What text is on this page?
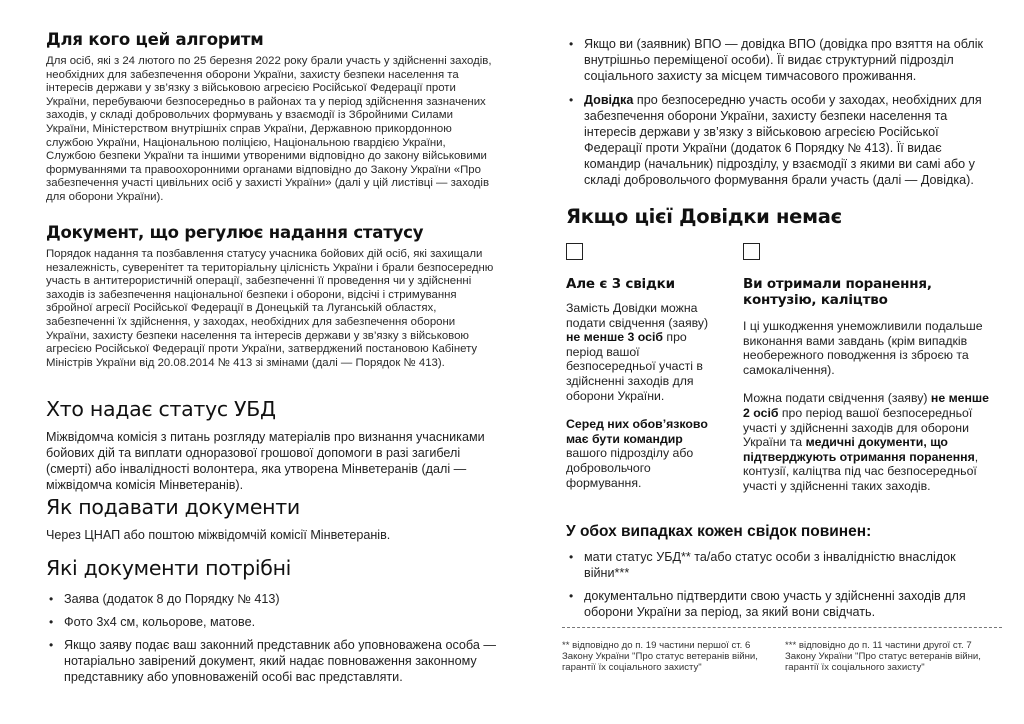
Для кого цей алгоритм

Для осіб, які з 24 лютого по 25 березня 2022 року брали участь у здійсненні заходів, необхідних для забезпечення оборони України, захисту безпеки населення та інтересів держави у зв’язку з військовою агресією Російської Федерації проти України, перебуваючи безпосередньо в районах та у період здійснення зазначених заходів, у складі добровольчих формувань у взаємодії із Збройними Силами України, Міністерством внутрішніх справ України, Державною прикордонною службою України, Національною поліцією, Національною гвардією України, Службою безпеки України та іншими утвореними відповідно до закону військовими формуваннями та правоохоронними органами відповідно до Закону України «Про забезпечення участі цивільних осіб у захисті України» (далі у цій листівці — заходів для оборони України).

Документ, що регулює надання статусу

Порядок надання та позбавлення статусу учасника бойових дій осіб, які захищали незалежність, суверенітет та територіальну цілісність України і брали безпосередню участь в антитерористичній операції, забезпеченні її проведення чи у здійсненні заходів із забезпечення національної безпеки і оборони, відсічі і стримування збройної агресії Російської Федерації в Донецькій та Луганській областях, забезпеченні їх здійснення, у заходах, необхідних для забезпечення оборони України, захисту безпеки населення та інтересів держави у зв’язку з військовою агресією Російської Федерації проти України, затверджений постановою Кабінету Міністрів України від 20.08.2014 № 413 зі змінами (далі — Порядок № 413).

Хто надає статус УБД

Міжвідомча комісія з питань розгляду матеріалів про визнання учасниками бойових дій та виплати одноразової грошової допомоги в разі загибелі (смерті) або інвалідності волонтера, яка утворена Мінветеранів (далі — міжвідомча комісія Мінветеранів).

Як подавати документи

Через ЦНАП або поштою міжвідомчій комісії Мінветеранів.

Які документи потрібні
• Заява (додаток 8 до Порядку № 413)
• Фото 3х4 см, кольорове, матове.
• Якщо заяву подає ваш законний представник або уповноважена особа — нотаріально завірений документ, який надає повноваження законному представнику або уповноваженій особі вас представляти.
• Якщо ви (заявник) ВПО — довідка ВПО (довідка про взяття на облік внутрішньо переміщеної особи). Її видає структурний підрозділ соціального захисту за місцем тимчасового проживання.
• Довідка про безпосередню участь особи у заходах, необхідних для забезпечення оборони України, захисту безпеки населення та інтересів держави у зв’язку з військовою агресією Російської Федерації проти України (додаток 6 Порядку № 413). Її видає командир (начальник) підрозділу, у взаємодії з якими ви самі або у складі добровольчого формування брали участь (далі — Довідка).
Якщо цієї Довідки немає
Але є 3 свідки

Замість Довідки можна подати свідчення (заяву) не менше 3 осіб про період вашої безпосередньої участі в здійсненні заходів для оборони України.

Серед них обов’язково має бути командир вашого підрозділу або добровольчого формування.

Ви отримали поранення, контузію, каліцтво

І ці ушкодження унеможливили подальше виконання вами завдань (крім випадків необережного поводження із зброєю та самокалічення).

Можна подати свідчення (заяву) не менше 2 осіб про період вашої безпосередньої участі у здійсненні заходів для оборони України та медичні документи, що підтверджують отримання поранення, контузії, каліцтва під час безпосередньої участі у здійсненні таких заходів.

У обох випадках кожен свідок повинен:
• мати статус УБД** та/або статус особи з інвалідністю внаслідок війни***
• документально підтвердити свою участь у здійсненні заходів для оборони України за період, за який вони свідчать.

** відповідно до п. 19 частини першої ст. 6 Закону України "Про статус ветеранів війни, гарантії їх соціального захисту"

*** відповідно до п. 11 частини другої ст. 7 Закону України "Про статус ветеранів війни, гарантії їх соціального захисту"
